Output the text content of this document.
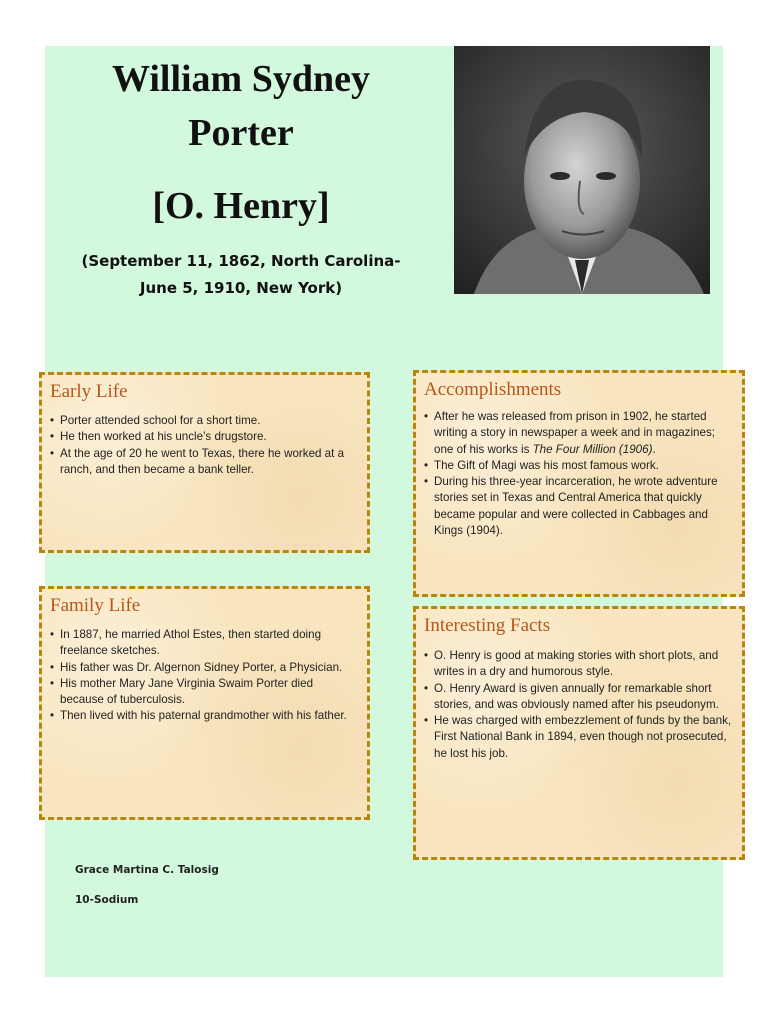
William Sydney
Porter
[O. Henry]
(September 11, 1862, North Carolina-
June 5, 1910, New York)
Early Life
• Porter attended school for a short time.
• He then worked at his uncle’s drugstore.
• At the age of 20 he went to Texas, there he worked at a ranch, and then became a bank teller.
Accomplishments
• After he was released from prison in 1902, he started writing a story in newspaper a week and in magazines; one of his works is The Four Million (1906).
• The Gift of Magi was his most famous work.
• During his three-year incarceration, he wrote adventure stories set in Texas and Central America that quickly became popular and were collected in Cabbages and Kings (1904).
Family Life
• In 1887, he married Athol Estes, then started doing freelance sketches.
• His father was Dr. Algernon Sidney Porter, a Physician.
• His mother Mary Jane Virginia Swaim Porter died because of tuberculosis.
• Then lived with his paternal grandmother with his father.
Interesting Facts
• O. Henry is good at making stories with short plots, and writes in a dry and humorous style.
• O. Henry Award is given annually for remarkable short stories, and was obviously named after his pseudonym.
• He was charged with embezzlement of funds by the bank, First National Bank in 1894, even though not prosecuted, he lost his job.
Grace Martina C. Talosig
10-Sodium
